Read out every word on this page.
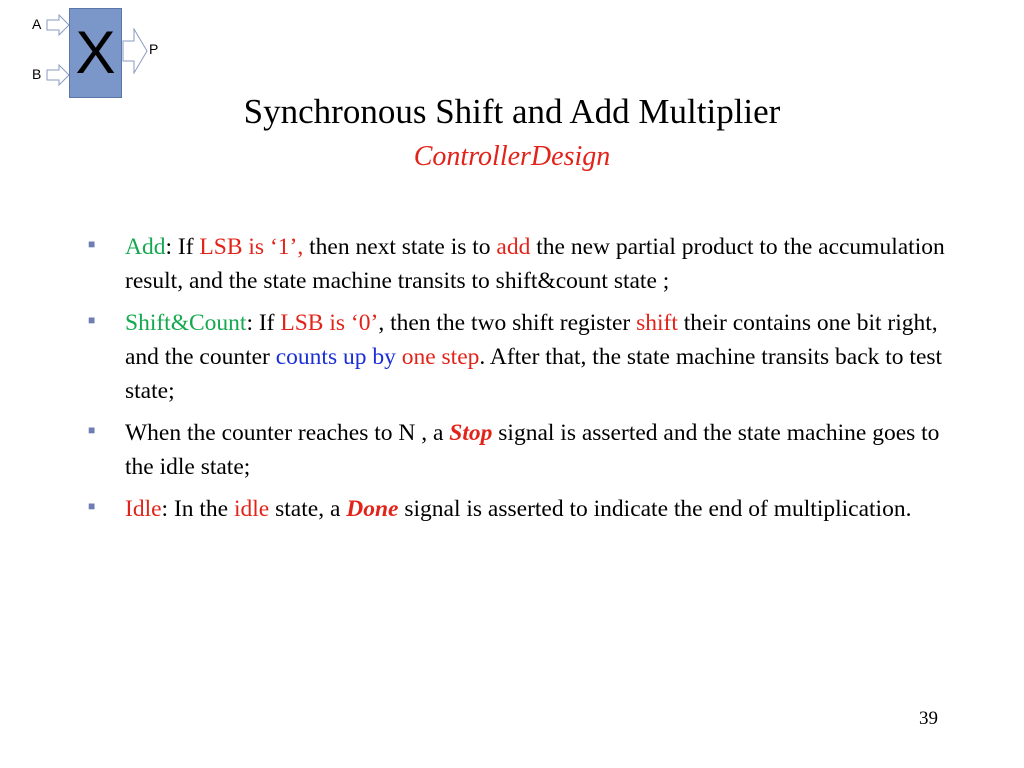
A
B X	P
Synchronous Shift and Add Multiplier
ControllerDesign
■ Add: If LSB is ‘1’, then next state is to add the new partial product to the accumulation result, and the state machine transits to shift&count state ;
■ Shift&Count: If LSB is ‘0’, then the two shift register shift their contains one bit right, and the counter counts up by one step. After that, the state machine transits back to test state;
■ When the counter reaches to N , a Stop signal is asserted and the state machine goes to the idle state;
■ Idle: In the idle state, a Done signal is asserted to indicate the end of multiplication.
39
